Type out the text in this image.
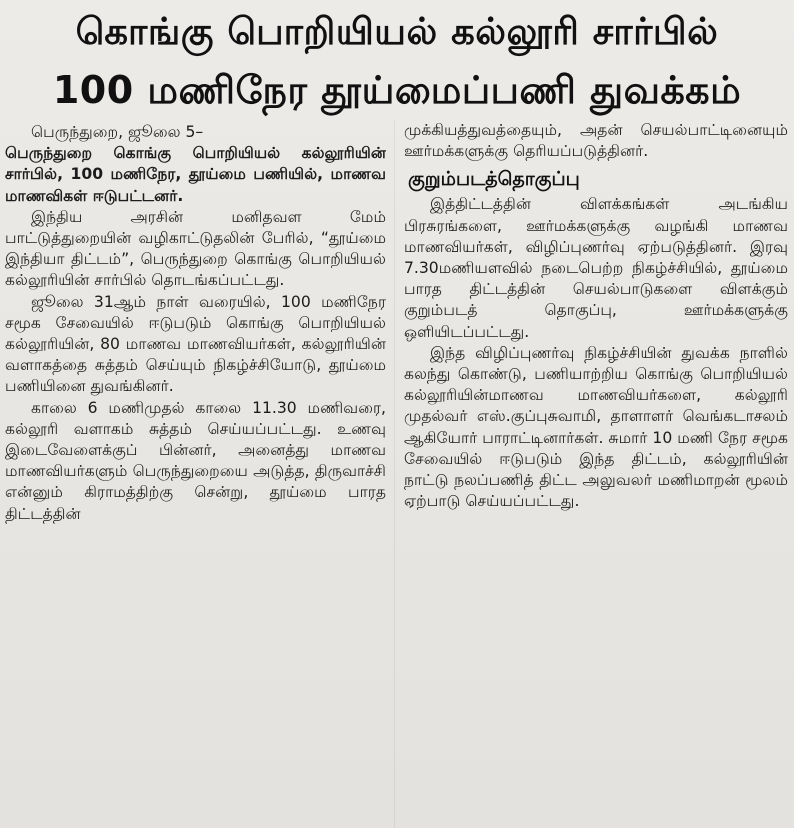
கொங்கு பொறியியல் கல்லூரி சார்பில்
100 மணிநேர தூய்மைப்பணி துவக்கம்

பெருந்துறை, ஜூலை 5–

பெருந்துறை கொங்கு பொறியியல் கல்லூரியின் சார்பில், 100 மணிநேர, தூய்மை பணியில், மாணவ மாணவிகள் ஈடுபட்டனர்.

இந்திய அரசின் மனிதவள மேம் பாட்டுத்துறையின் வழிகாட்டுதலின் பேரில், “தூய்மை இந்தியா திட்டம்”, பெருந்துறை கொங்கு பொறியியல் கல்லூரியின் சார்பில் தொடங்கப்பட்டது.

ஜூலை 31ஆம் நாள் வரையில், 100 மணிநேர சமூக சேவையில் ஈடுபடும் கொங்கு பொறியியல் கல்லூரியின், 80 மாணவ மாணவியர்கள், கல்லூரியின் வளாகத்தை சுத்தம் செய்யும் நிகழ்ச்சியோடு, தூய்மை பணியினை துவங்கினர்.

காலை 6 மணிமுதல் காலை 11.30 மணிவரை, கல்லூரி வளாகம் சுத்தம் செய்யப்பட்டது. உணவு இடைவேளைக்குப் பின்னர், அனைத்து மாணவ மாணவியர்களும் பெருந்துறையை அடுத்த, திருவாச்சி என்னும் கிராமத்திற்கு சென்று, தூய்மை பாரத திட்டத்தின்

முக்கியத்துவத்தையும், அதன் செயல்பாட்டினையும் ஊர்மக்களுக்கு தெரியப்படுத்தினர்.

குறும்படத்தொகுப்பு

இத்திட்டத்தின் விளக்கங்கள் அடங்கிய பிரசுரங்களை, ஊர்மக்களுக்கு வழங்கி மாணவ மாணவியர்கள், விழிப்புணர்வு ஏற்படுத்தினர். இரவு 7.30மணியளவில் நடைபெற்ற நிகழ்ச்சியில், தூய்மை பாரத திட்டத்தின் செயல்பாடுகளை விளக்கும் குறும்படத் தொகுப்பு, ஊர்மக்களுக்கு ஒளியிடப்பட்டது.

இந்த விழிப்புணர்வு நிகழ்ச்சியின் துவக்க நாளில் கலந்து கொண்டு, பணியாற்றிய கொங்கு பொறியியல் கல்லூரியின்மாணவ மாணவியர்களை, கல்லூரி முதல்வர் எஸ்.குப்புசுவாமி, தாளாளர் வெங்கடாசலம் ஆகியோர் பாராட்டினார்கள். சுமார் 10 மணி நேர சமூக சேவையில் ஈடுபடும் இந்த திட்டம், கல்லூரியின் நாட்டு நலப்பணித் திட்ட அலுவலர் மணிமாறன் மூலம் ஏற்பாடு செய்யப்பட்டது.
